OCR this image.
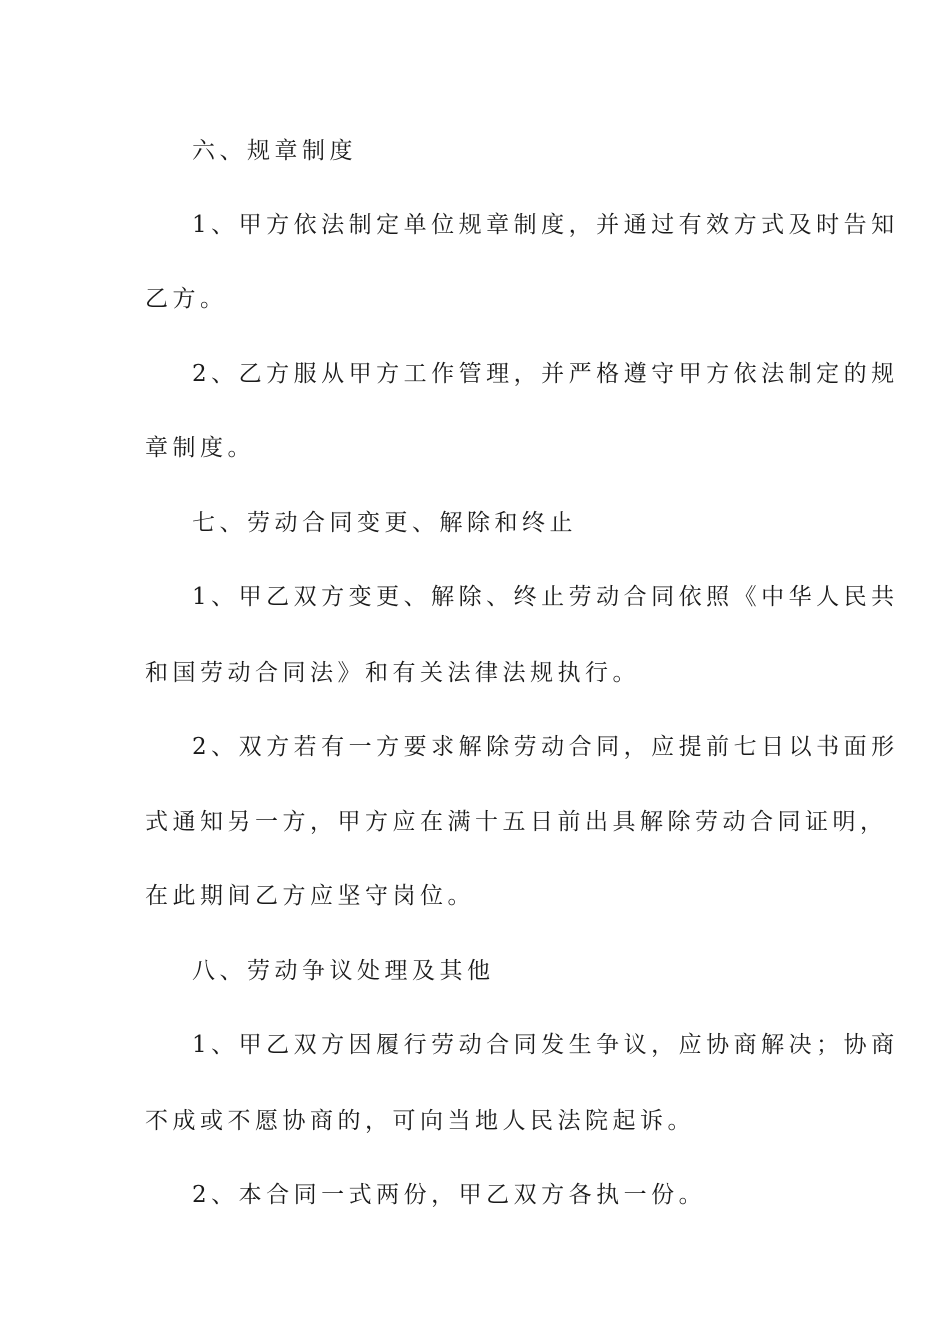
六、规章制度
1、甲方依法制定单位规章制度，并通过有效方式及时告知
乙方。
2、乙方服从甲方工作管理，并严格遵守甲方依法制定的规
章制度。
七、劳动合同变更、解除和终止
1、甲乙双方变更、解除、终止劳动合同依照《中华人民共
和国劳动合同法》和有关法律法规执行。
2、双方若有一方要求解除劳动合同，应提前七日以书面形
式通知另一方，甲方应在满十五日前出具解除劳动合同证明，
在此期间乙方应坚守岗位。
八、劳动争议处理及其他
1、甲乙双方因履行劳动合同发生争议，应协商解决；协商
不成或不愿协商的，可向当地人民法院起诉。
2、本合同一式两份，甲乙双方各执一份。
